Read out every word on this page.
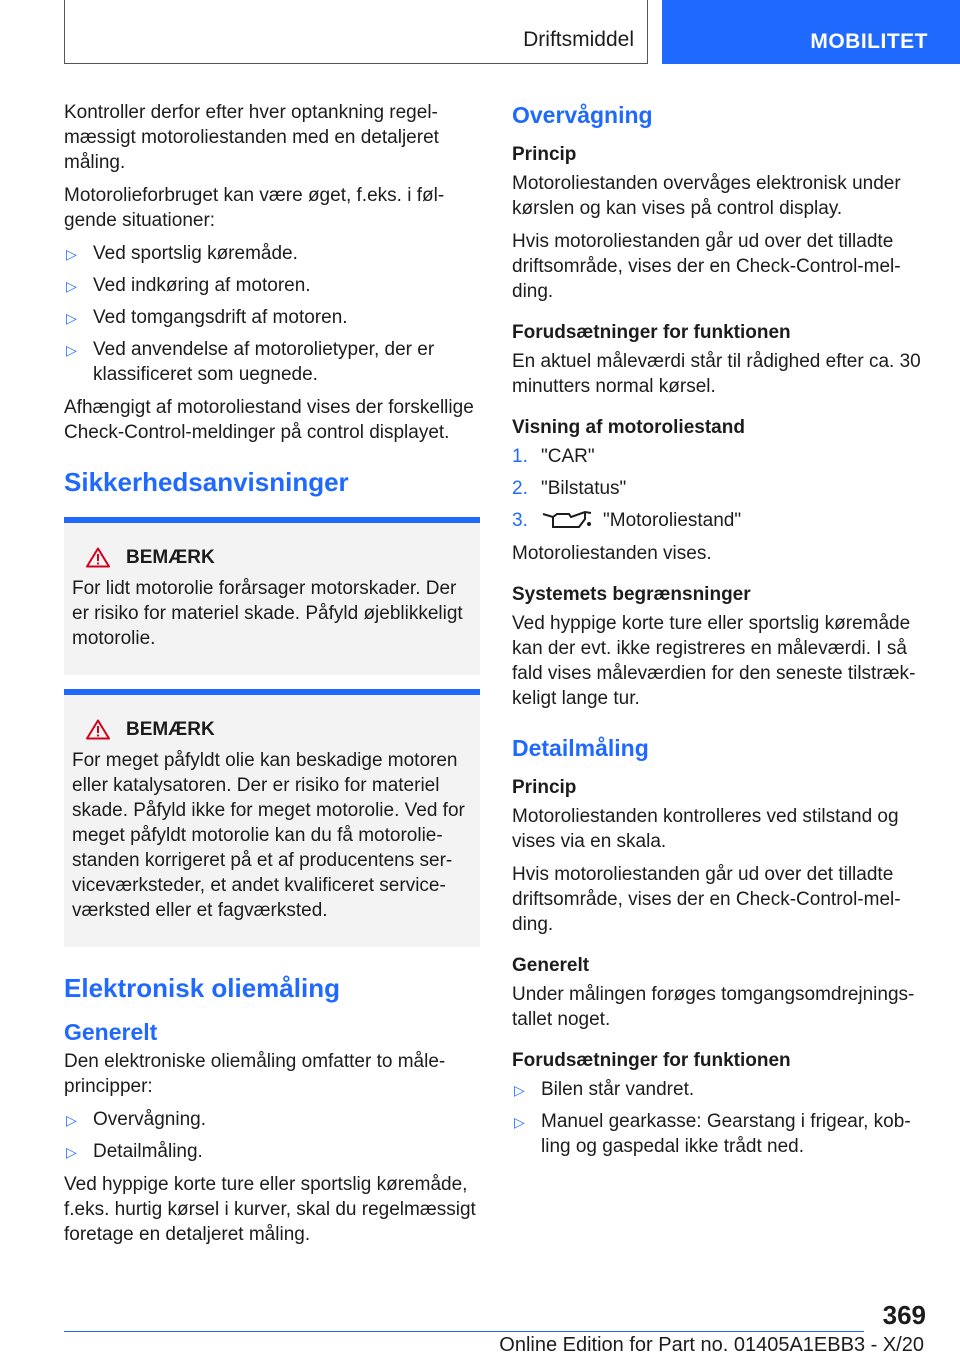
Driftsmiddel	MOBILITET

Kontroller derfor efter hver optankning regelmæssigt motoroliestanden med en detaljeret måling.

Motorolieforbruget kan være øget, f.eks. i følgende situationer:

▷ Ved sportslig køremåde.
▷ Ved indkøring af motoren.
▷ Ved tomgangsdrift af motoren.
▷ Ved anvendelse af motorolietyper, der er klassificeret som uegnede.

Afhængigt af motoroliestand vises der forskellige Check-Control-meldinger på control displayet.

Sikkerhedsanvisninger
BEMÆRK

For lidt motorolie forårsager motorskader. Der er risiko for materiel skade. Påfyld øjeblikkeligt motorolie.

BEMÆRK

For meget påfyldt olie kan beskadige motoren eller katalysatoren. Der er risiko for materiel skade. Påfyld ikke for meget motorolie. Ved for meget påfyldt motorolie kan du få motoroliestanden korrigeret på et af producentens serviceværksteder, et andet kvalificeret serviceværksted eller et fagværksted.

Elektronisk oliemåling
Generelt

Den elektroniske oliemåling omfatter to måleprincipper:

▷ Overvågning.
▷ Detailmåling.

Ved hyppige korte ture eller sportslig køremåde, f.eks. hurtig kørsel i kurver, skal du regelmæssigt foretage en detaljeret måling.

Overvågning
Princip

Motoroliestanden overvåges elektronisk under kørslen og kan vises på control display.

Hvis motoroliestanden går ud over det tilladte driftsområde, vises der en Check-Control-melding.

Forudsætninger for funktionen

En aktuel måleværdi står til rådighed efter ca. 30 minutters normal kørsel.

Visning af motoroliestand
1. "CAR"
2. "Bilstatus"
3.	"Motoroliestand"

Motoroliestanden vises.

Systemets begrænsninger

Ved hyppige korte ture eller sportslig køremåde kan der evt. ikke registreres en måleværdi. I så fald vises måleværdien for den seneste tilstrækkeligt lange tur.

Detailmåling
Princip

Motoroliestanden kontrolleres ved stilstand og vises via en skala.

Hvis motoroliestanden går ud over det tilladte driftsområde, vises der en Check-Control-melding.

Generelt

Under målingen forøges tomgangsomdrejningstallet noget.

Forudsætninger for funktionen
▷ Bilen står vandret.
▷ Manuel gearkasse: Gearstang i frigear, kobling og gaspedal ikke trådt ned.
369
Online Edition for Part no. 01405A1EBB3 - X/20
